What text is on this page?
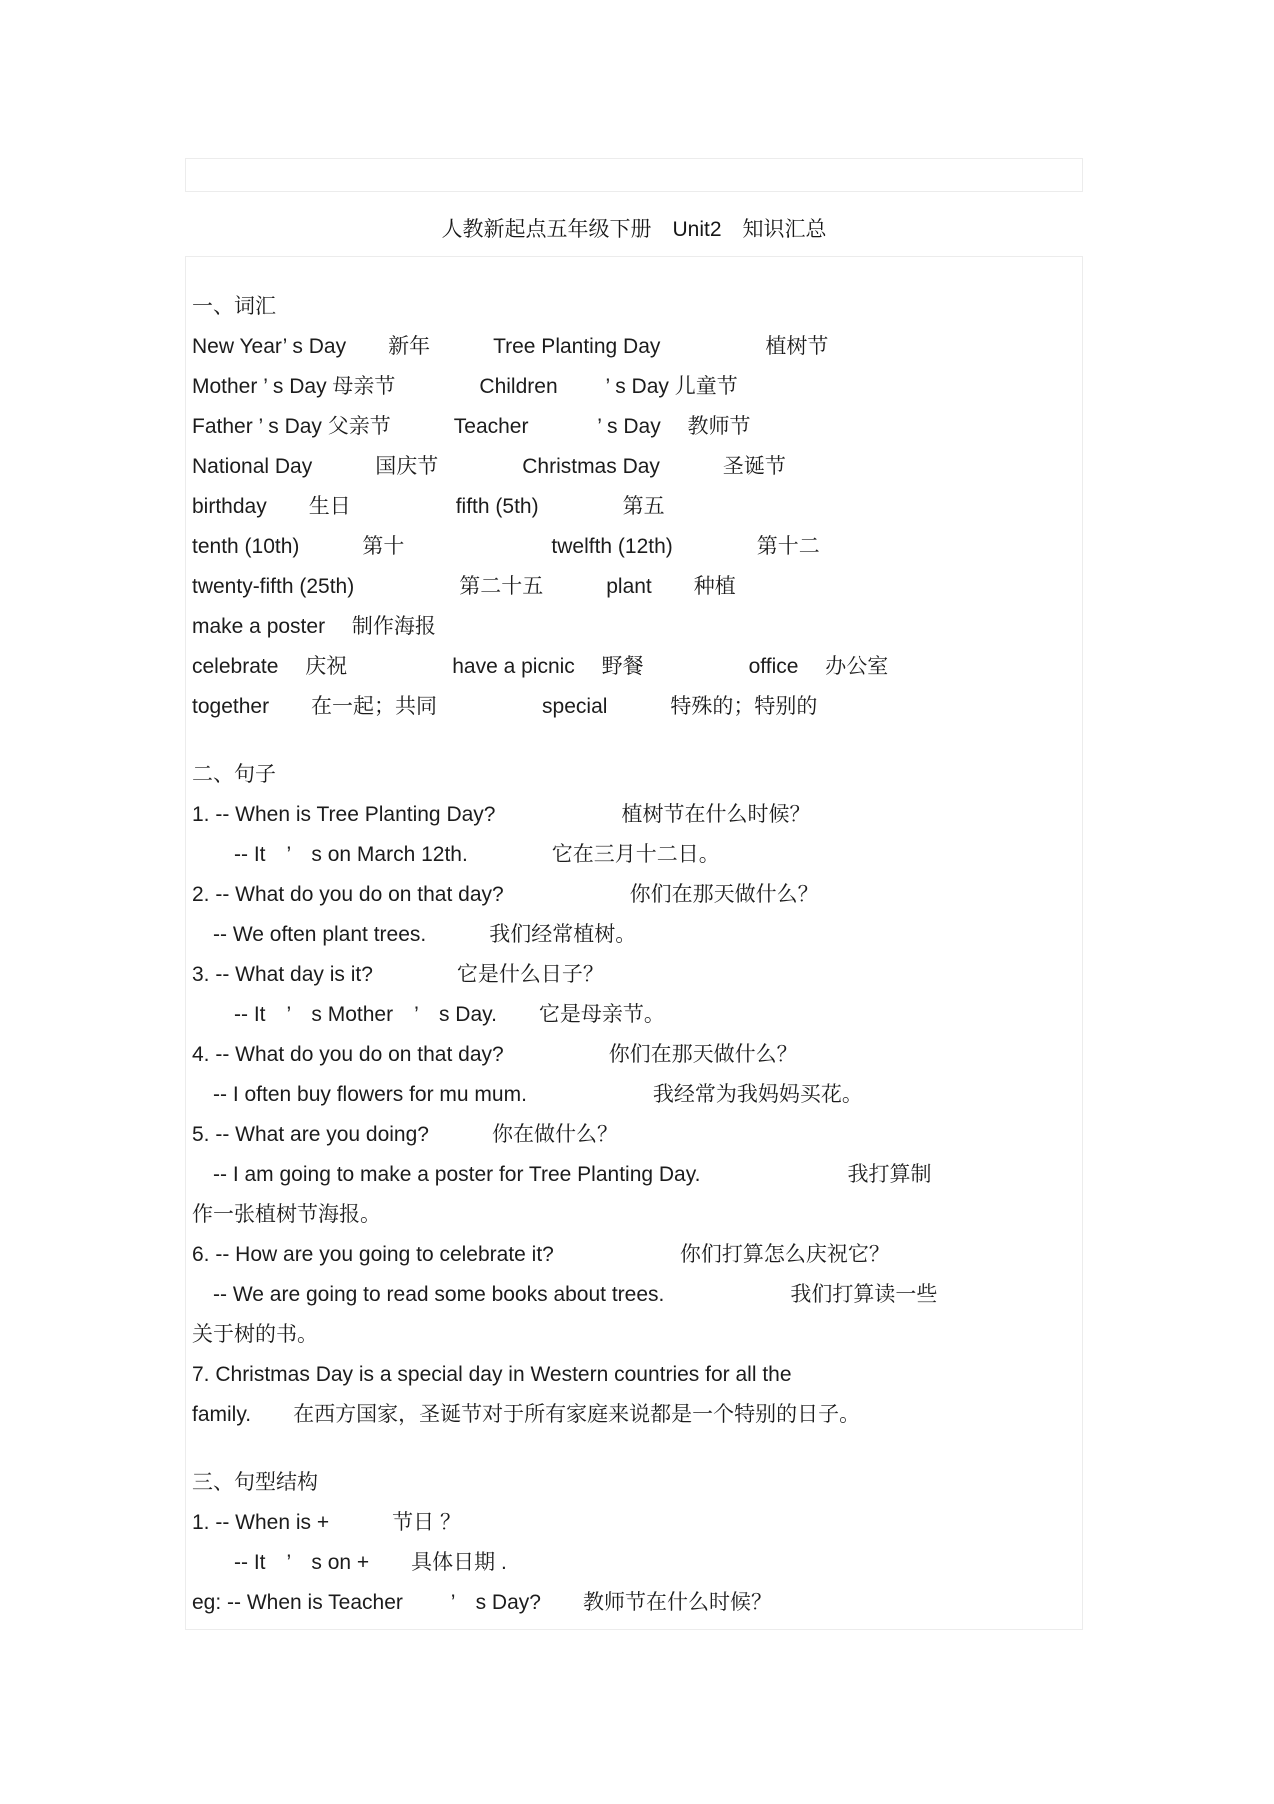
人教新起点五年级下册　Unit2　知识汇总
一、词汇
New Year’ s Day　　新年　　　Tree Planting Day　　　　　植树节
Mother ’ s Day 母亲节　　　　Children　　 ’ s Day 儿童节
Father ’ s Day 父亲节　　　Teacher　　　 ’ s Day　 教师节
National Day　　　国庆节　　　　Christmas Day　　　圣诞节
birthday　　生日　　　　　fifth (5th)　　　　第五
tenth (10th)　　　第十　　　　　　　twelfth (12th)　　　　第十二
twenty-fifth (25th)　　　　　第二十五　　　plant　　种植
make a poster　 制作海报
celebrate　 庆祝　　　　　have a picnic　 野餐　　　　　office　 办公室
together　　在一起；共同　　　　　special　　　特殊的；特别的
二、句子
1. -- When is Tree Planting Day?　　　　　　植树节在什么时候？
　　-- It　’　s on March 12th.　　　　它在三月十二日。
2. -- What do you do on that day?　　　　　　你们在那天做什么？
　-- We often plant trees.　　　我们经常植树。
3. -- What day is it?　　　　它是什么日子？
　　-- It　’　s Mother　’　s Day.　　它是母亲节。
4. -- What do you do on that day?　　　　　你们在那天做什么？
　-- I often buy flowers for mu mum.　　　　　　我经常为我妈妈买花。
5. -- What are you doing?　　　你在做什么？
　-- I am going to make a poster for Tree Planting Day.　　　　　　　我打算制
作一张植树节海报。
6. -- How are you going to celebrate it?　　　　　　你们打算怎么庆祝它？
　-- We are going to read some books about trees.　　　　　　我们打算读一些
关于树的书。
7. Christmas Day is a special day in Western countries for all the
family.　　在西方国家，圣诞节对于所有家庭来说都是一个特别的日子。
三、句型结构
1. -- When is +　　　节日 ？
　　-- It　’　s on +　　具体日期 .
eg: -- When is Teacher　　 ’　s Day?　　教师节在什么时候？
